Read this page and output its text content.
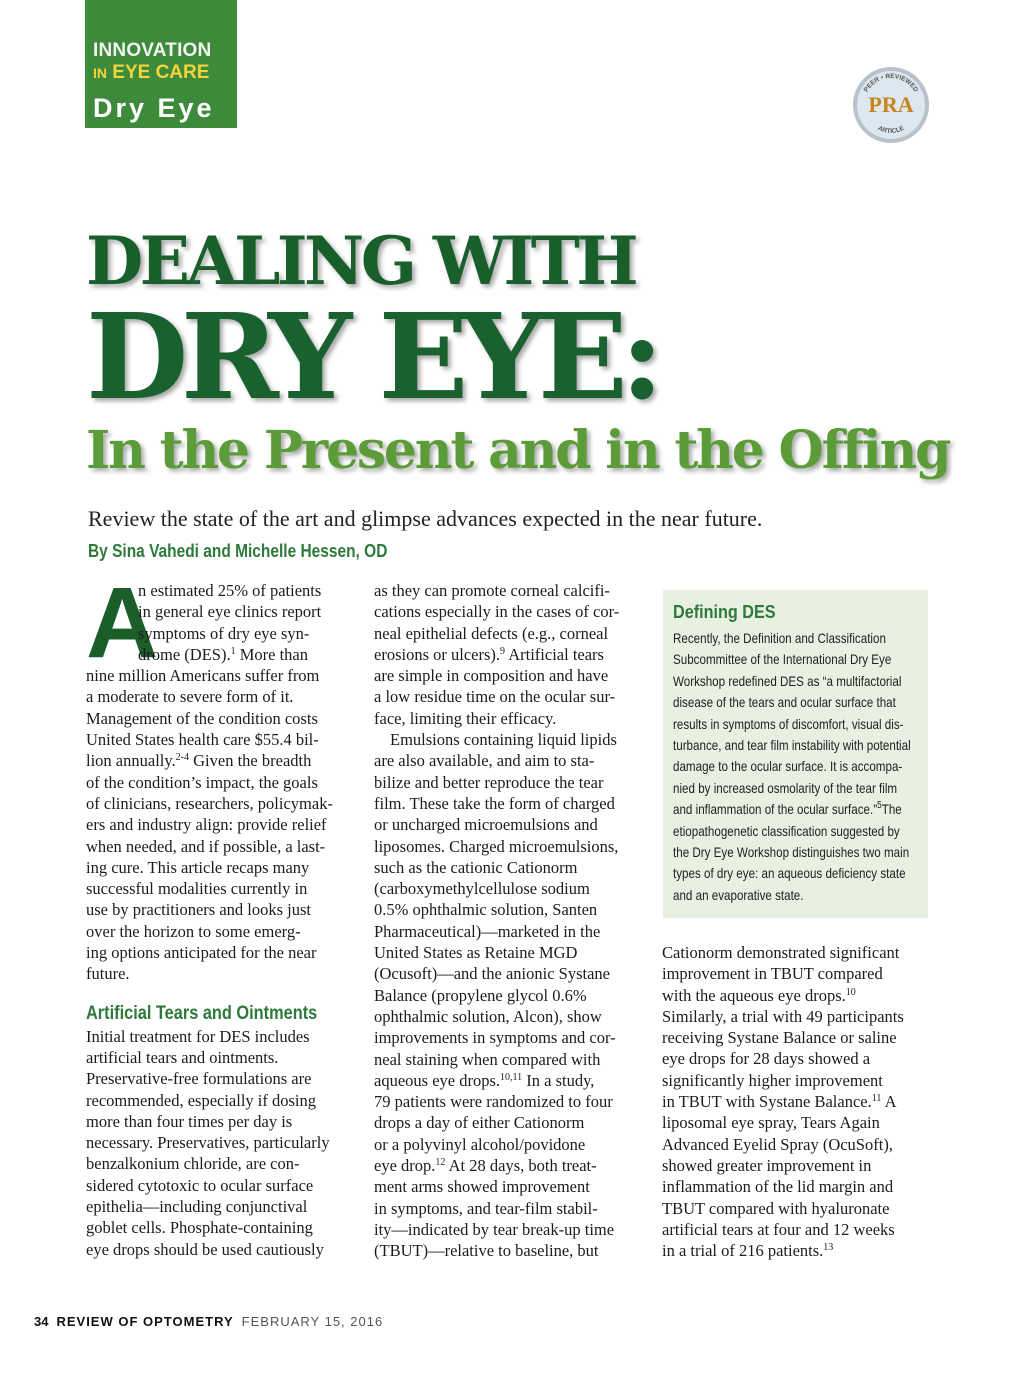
INNOVATION
IN EYE CARE
Dry Eye
PEER • REVIEWED
ARTICLE
PRA
DEALING WITH
DRY EYE:
In the Present and in the Offing
Review the state of the art and glimpse advances expected in the near future.
By Sina Vahedi and Michelle Hessen, OD
A
n estimated 25% of patients
in general eye clinics report
symptoms of dry eye syn-
drome (DES).$^1$ More than
nine million Americans suffer from
a moderate to severe form of it.
Management of the condition costs
United States health care $55.4 bil-
lion annually.$^{2-4}$ Given the breadth
of the condition’s impact, the goals
of clinicians, researchers, policymak-
ers and industry align: provide relief
when needed, and if possible, a last-
ing cure. This article recaps many
successful modalities currently in
use by practitioners and looks just
over the horizon to some emerg-
ing options anticipated for the near
future.
Artificial Tears and Ointments
Initial treatment for DES includes
artificial tears and ointments.
Preservative-free formulations are
recommended, especially if dosing
more than four times per day is
necessary. Preservatives, particularly
benzalkonium chloride, are con-
sidered cytotoxic to ocular surface
epithelia—including conjunctival
goblet cells. Phosphate-containing
eye drops should be used cautiously
as they can promote corneal calcifi-
cations especially in the cases of cor-
neal epithelial defects (e.g., corneal
erosions or ulcers).$^9$ Artificial tears
are simple in composition and have
a low residue time on the ocular sur-
face, limiting their efficacy.
Emulsions containing liquid lipids
are also available, and aim to sta-
bilize and better reproduce the tear
film. These take the form of charged
or uncharged microemulsions and
liposomes. Charged microemulsions,
such as the cationic Cationorm
(carboxymethylcellulose sodium
0.5% ophthalmic solution, Santen
Pharmaceutical)—marketed in the
United States as Retaine MGD
(Ocusoft)—and the anionic Systane
Balance (propylene glycol 0.6%
ophthalmic solution, Alcon), show
improvements in symptoms and cor-
neal staining when compared with
aqueous eye drops.$^{10,11}$ In a study,
79 patients were randomized to four
drops a day of either Cationorm
or a polyvinyl alcohol/povidone
eye drop.$^{12}$ At 28 days, both treat-
ment arms showed improvement
in symptoms, and tear-film stabil-
ity—indicated by tear break-up time
(TBUT)—relative to baseline, but
Defining DES
Recently, the Definition and Classification
Subcommittee of the International Dry Eye
Workshop redefined DES as “a multifactorial
disease of the tears and ocular surface that
results in symptoms of discomfort, visual dis-
turbance, and tear film instability with potential
damage to the ocular surface. It is accompa-
nied by increased osmolarity of the tear film
and inflammation of the ocular surface.”$^5$The
etiopathogenetic classification suggested by
the Dry Eye Workshop distinguishes two main
types of dry eye: an aqueous deficiency state
and an evaporative state.
Cationorm demonstrated significant
improvement in TBUT compared
with the aqueous eye drops.$^{10}$
Similarly, a trial with 49 participants
receiving Systane Balance or saline
eye drops for 28 days showed a
significantly higher improvement
in TBUT with Systane Balance.$^{11}$ A
liposomal eye spray, Tears Again
Advanced Eyelid Spray (OcuSoft),
showed greater improvement in
inflammation of the lid margin and
TBUT compared with hyaluronate
artificial tears at four and 12 weeks
in a trial of 216 patients.$^{13}$
34 REVIEW OF OPTOMETRY FEBRUARY 15, 2016
